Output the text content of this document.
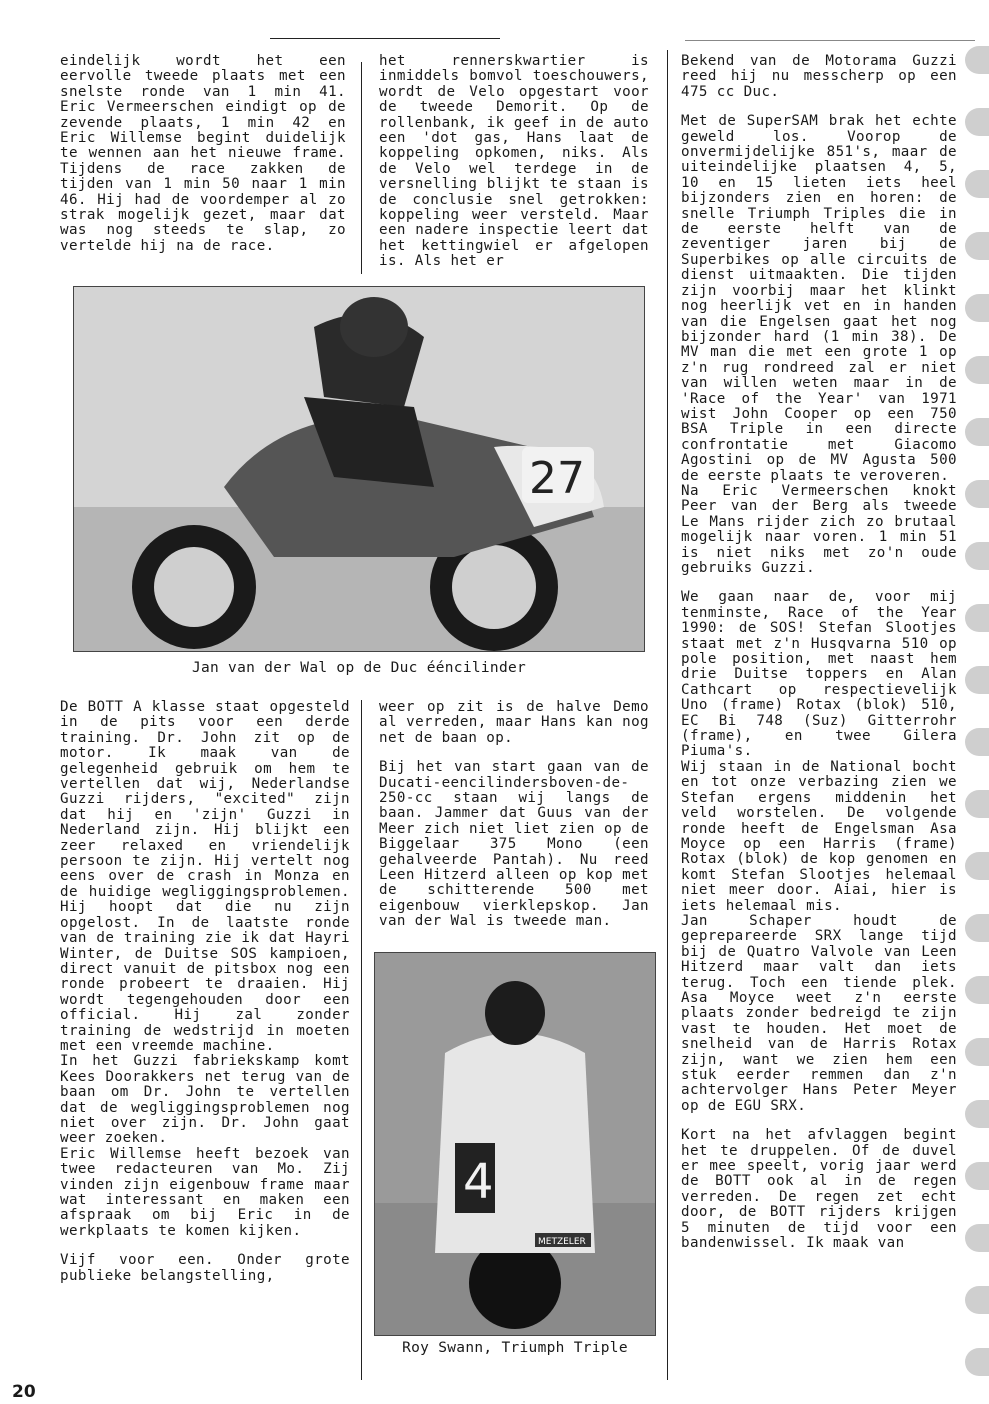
eindelijk wordt het een eervolle tweede plaats met een snelste ronde van 1 min 41. Eric Vermeerschen eindigt op de zevende plaats, 1 min 42 en Eric Willemse begint duidelijk te wennen aan het nieuwe frame. Tijdens de race zakken de tijden van 1 min 50 naar 1 min 46. Hij had de voordemper al zo strak mogelijk gezet, maar dat was nog steeds te slap, zo vertelde hij na de race.

het rennerskwartier is inmiddels bomvol toeschouwers, wordt de Velo opgestart voor de tweede Demorit. Op de rollenbank, ik geef in de auto een 'dot gas, Hans laat de koppeling opkomen, niks. Als de Velo wel terdege in de versnelling blijkt te staan is de conclusie snel getrokken: koppeling weer versteld. Maar een nadere inspectie leert dat het kettingwiel er afgelopen is. Als het er

27
Jan van der Wal op de Duc ééncilinder

De BOTT A klasse staat opgesteld in de pits voor een derde training. Dr. John zit op de motor. Ik maak van de gelegenheid gebruik om hem te vertellen dat wij, Nederlandse Guzzi rijders, "excited" zijn dat hij en 'zijn' Guzzi in Nederland zijn. Hij blijkt een zeer relaxed en vriendelijk persoon te zijn. Hij vertelt nog eens over de crash in Monza en de huidige wegliggingsproblemen. Hij hoopt dat die nu zijn opgelost. In de laatste ronde van de training zie ik dat Hayri Winter, de Duitse SOS kampioen, direct vanuit de pitsbox nog een ronde probeert te draaien. Hij wordt tegengehouden door een official. Hij zal zonder training de wedstrijd in moeten met een vreemde machine.

In het Guzzi fabriekskamp komt Kees Doorakkers net terug van de baan om Dr. John te vertellen dat de wegliggingsproblemen nog niet over zijn. Dr. John gaat weer zoeken.

Eric Willemse heeft bezoek van twee redacteuren van Mo. Zij vinden zijn eigenbouw frame maar wat interessant en maken een afspraak om bij Eric in de werkplaats te komen kijken.

Vijf voor een. Onder grote publieke belangstelling,

weer op zit is de halve Demo al verreden, maar Hans kan nog net de baan op.

Bij het van start gaan van de Ducati-eencilindersboven-de-250-cc staan wij langs de baan. Jammer dat Guus van der Meer zich niet liet zien op de Biggelaar 375 Mono (een gehalveerde Pantah). Nu reed Leen Hitzerd alleen op kop met de schitterende 500 met eigenbouw vierklepskop. Jan van der Wal is tweede man.

4
METZELER
Roy Swann, Triumph Triple

Bekend van de Motorama Guzzi reed hij nu messcherp op een 475 cc Duc.

Met de SuperSAM brak het echte geweld los. Voorop de onvermijdelijke 851's, maar de uiteindelijke plaatsen 4, 5, 10 en 15 lieten iets heel bijzonders zien en horen: de snelle Triumph Triples die in de eerste helft van de zeventiger jaren bij de Superbikes op alle circuits de dienst uitmaakten. Die tijden zijn voorbij maar het klinkt nog heerlijk vet en in handen van die Engelsen gaat het nog bijzonder hard (1 min 38). De MV man die met een grote 1 op z'n rug rondreed zal er niet van willen weten maar in de 'Race of the Year' van 1971 wist John Cooper op een 750 BSA Triple in een directe confrontatie met Giacomo Agostini op de MV Agusta 500 de eerste plaats te veroveren.

Na Eric Vermeerschen knokt Peer van der Berg als tweede Le Mans rijder zich zo brutaal mogelijk naar voren. 1 min 51 is niet niks met zo'n oude gebruiks Guzzi.

We gaan naar de, voor mij tenminste, Race of the Year 1990: de SOS! Stefan Slootjes staat met z'n Husqvarna 510 op pole position, met naast hem drie Duitse toppers en Alan Cathcart op respectievelijk Uno (frame) Rotax (blok) 510, EC Bi 748 (Suz) Gitterrohr (frame), en twee Gilera Piuma's.

Wij staan in de National bocht en tot onze verbazing zien we Stefan ergens middenin het veld worstelen. De volgende ronde heeft de Engelsman Asa Moyce op een Harris (frame) Rotax (blok) de kop genomen en komt Stefan Slootjes helemaal niet meer door. Aiai, hier is iets helemaal mis.

Jan Schaper houdt de geprepareerde SRX lange tijd bij de Quatro Valvole van Leen Hitzerd maar valt dan iets terug. Toch een tiende plek. Asa Moyce weet z'n eerste plaats zonder bedreigd te zijn vast te houden. Het moet de snelheid van de Harris Rotax zijn, want we zien hem een stuk eerder remmen dan z'n achtervolger Hans Peter Meyer op de EGU SRX.

Kort na het afvlaggen begint het te druppelen. Of de duvel er mee speelt, vorig jaar werd de BOTT ook al in de regen verreden. De regen zet echt door, de BOTT rijders krijgen 5 minuten de tijd voor een bandenwissel. Ik maak van

20
